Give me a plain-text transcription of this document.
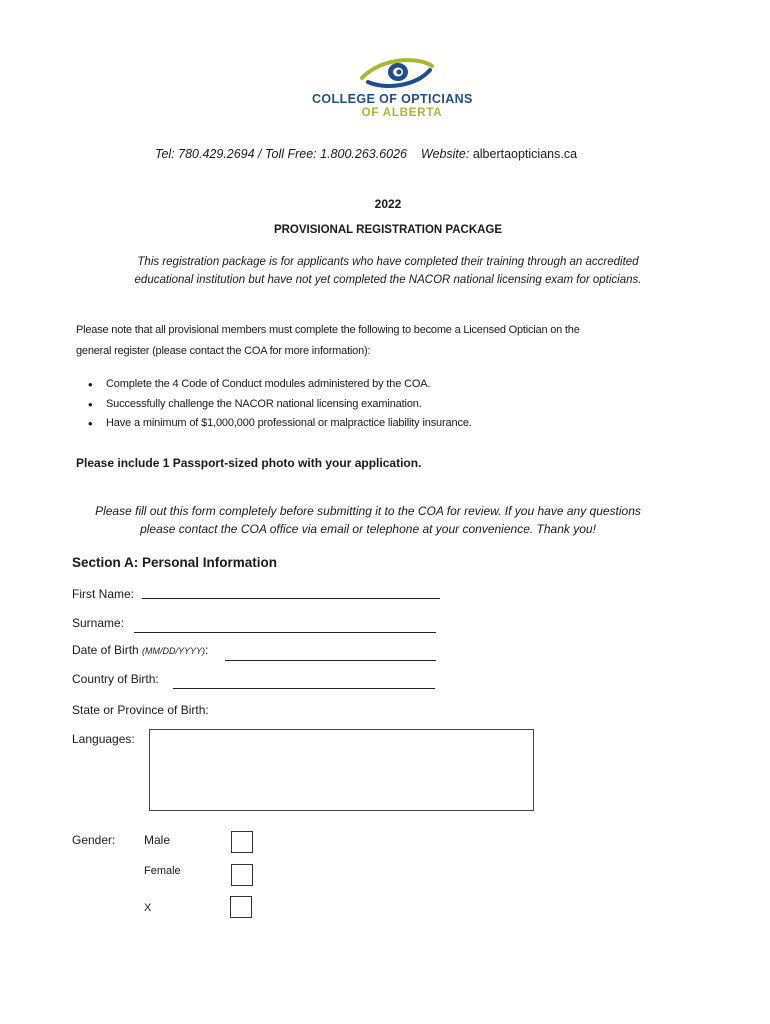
COLLEGE OF OPTICIANS
OF ALBERTA
Tel: 780.429.2694 / Toll Free: 1.800.263.6026 Website: albertaopticians.ca
2022
PROVISIONAL REGISTRATION PACKAGE
This registration package is for applicants who have completed their training through an accredited
educational institution but have not yet completed the NACOR national licensing exam for opticians.
Please note that all provisional members must complete the following to become a Licensed Optician on the
general register (please contact the COA for more information):
• Complete the 4 Code of Conduct modules administered by the COA.
• Successfully challenge the NACOR national licensing examination.
• Have a minimum of $1,000,000 professional or malpractice liability insurance.
Please include 1 Passport-sized photo with your application.
Please fill out this form completely before submitting it to the COA for review. If you have any questions
please contact the COA office via email or telephone at your convenience. Thank you!
Section A: Personal Information
First Name:
Surname:
Date of Birth (MM/DD/YYYY):
Country of Birth:
State or Province of Birth:
Languages:
Gender: Male
Female
X
